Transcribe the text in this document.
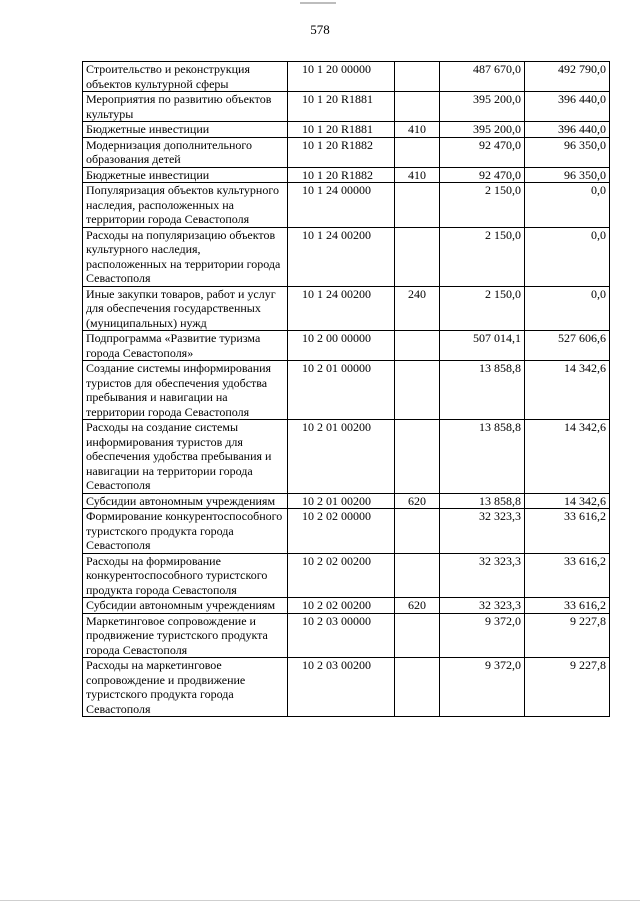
578
Строительство и реконструкция объектов культурной сферы	10 1 20 00000		487 670,0	492 790,0
Мероприятия по развитию объектов культуры	10 1 20 R1881		395 200,0	396 440,0
Бюджетные инвестиции	10 1 20 R1881	410	395 200,0	396 440,0
Модернизация дополнительного образования детей	10 1 20 R1882		92 470,0	96 350,0
Бюджетные инвестиции	10 1 20 R1882	410	92 470,0	96 350,0
Популяризация объектов культурного наследия, расположенных на территории города Севастополя	10 1 24 00000		2 150,0	0,0
Расходы на популяризацию объектов культурного наследия, расположенных на территории города Севастополя	10 1 24 00200		2 150,0	0,0
Иные закупки товаров, работ и услуг для обеспечения государственных (муниципальных) нужд	10 1 24 00200	240	2 150,0	0,0
Подпрограмма «Развитие туризма города Севастополя»	10 2 00 00000		507 014,1	527 606,6
Создание системы информирования туристов для обеспечения удобства пребывания и навигации на территории города Севастополя	10 2 01 00000		13 858,8	14 342,6
Расходы на создание системы информирования туристов для обеспечения удобства пребывания и навигации на территории города Севастополя	10 2 01 00200		13 858,8	14 342,6
Субсидии автономным учреждениям	10 2 01 00200	620	13 858,8	14 342,6
Формирование конкурентоспособного туристского продукта города Севастополя	10 2 02 00000		32 323,3	33 616,2
Расходы на формирование конкурентоспособного туристского продукта города Севастополя	10 2 02 00200		32 323,3	33 616,2
Субсидии автономным учреждениям	10 2 02 00200	620	32 323,3	33 616,2
Маркетинговое сопровождение и продвижение туристского продукта города Севастополя	10 2 03 00000		9 372,0	9 227,8
Расходы на маркетинговое сопровождение и продвижение туристского продукта города Севастополя	10 2 03 00200		9 372,0	9 227,8
